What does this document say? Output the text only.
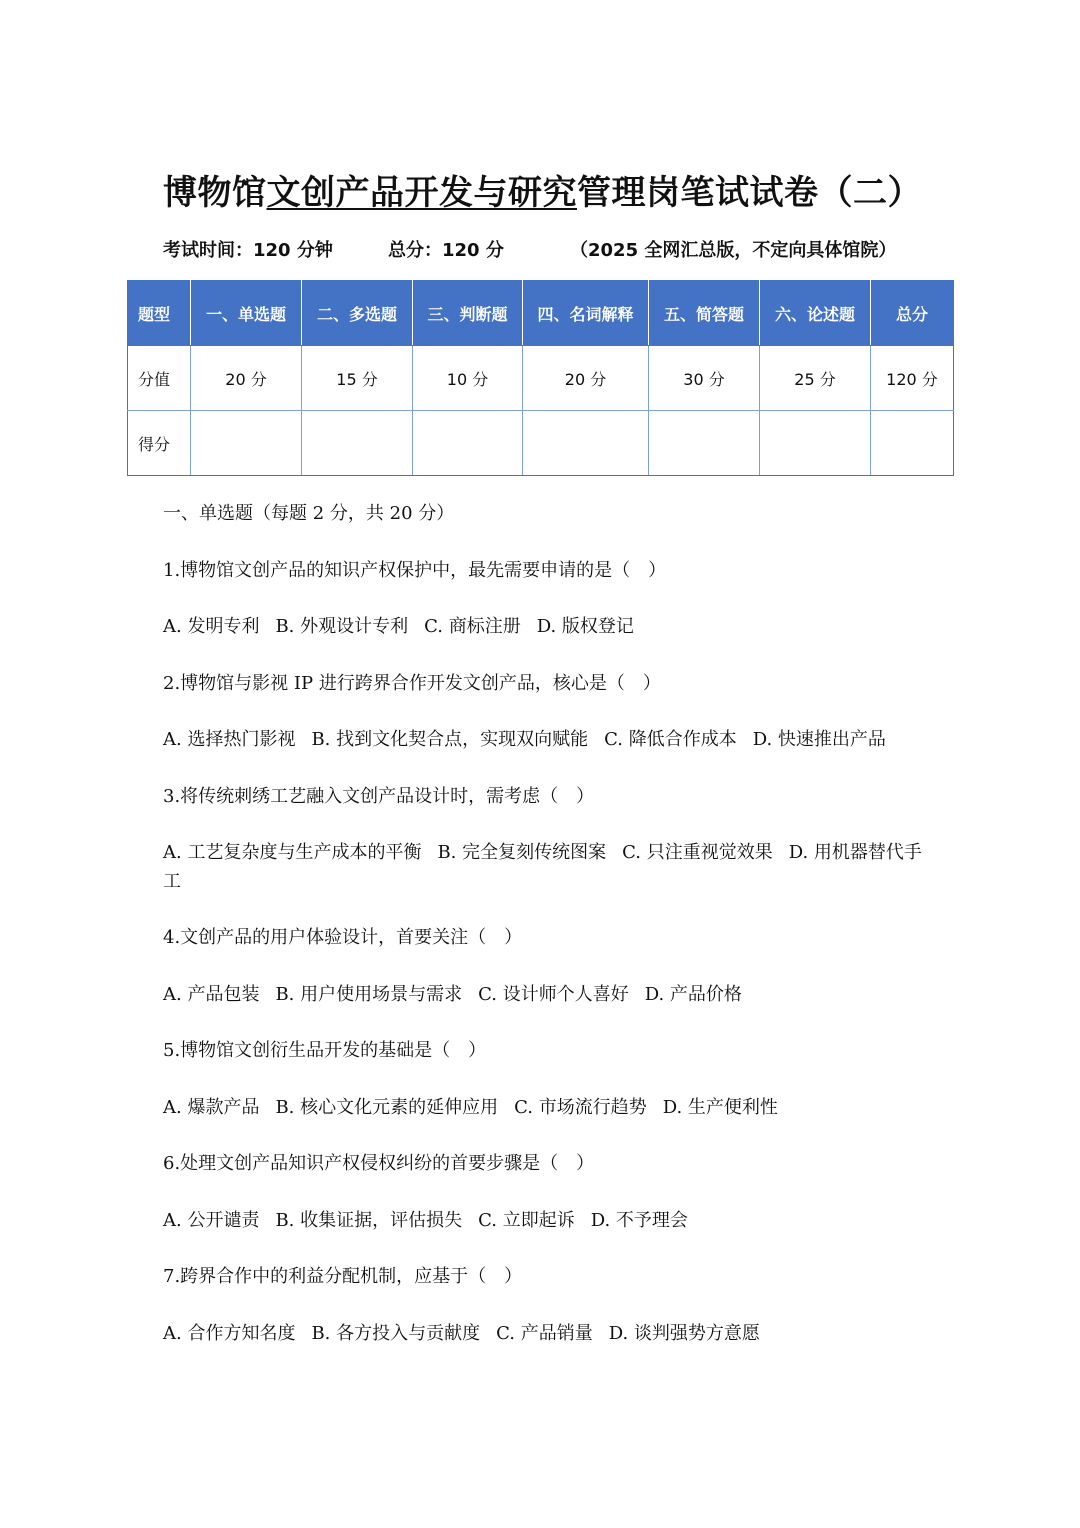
博物馆文创产品开发与研究管理岗笔试试卷（二）
考试时间：120 分钟	总分：120 分	（2025 全网汇总版，不定向具体馆院）
题型	一、单选题	二、多选题	三、判断题	四、名词解释	五、简答题	六、论述题	总分
分值	20 分	15 分	10 分	20 分	30 分	25 分	120 分
得分							
一、单选题（每题 2 分，共 20 分）
1.博物馆文创产品的知识产权保护中，最先需要申请的是（　）
A. 发明专利 B. 外观设计专利 C. 商标注册 D. 版权登记
2.博物馆与影视 IP 进行跨界合作开发文创产品，核心是（　）
A. 选择热门影视 B. 找到文化契合点，实现双向赋能 C. 降低合作成本 D. 快速推出产品
3.将传统刺绣工艺融入文创产品设计时，需考虑（　）
A. 工艺复杂度与生产成本的平衡 B. 完全复刻传统图案 C. 只注重视觉效果 D. 用机器替代手工
4.文创产品的用户体验设计，首要关注（　）
A. 产品包装 B. 用户使用场景与需求 C. 设计师个人喜好 D. 产品价格
5.博物馆文创衍生品开发的基础是（　）
A. 爆款产品 B. 核心文化元素的延伸应用 C. 市场流行趋势 D. 生产便利性
6.处理文创产品知识产权侵权纠纷的首要步骤是（　）
A. 公开谴责 B. 收集证据，评估损失 C. 立即起诉 D. 不予理会
7.跨界合作中的利益分配机制，应基于（　）
A. 合作方知名度 B. 各方投入与贡献度 C. 产品销量 D. 谈判强势方意愿
